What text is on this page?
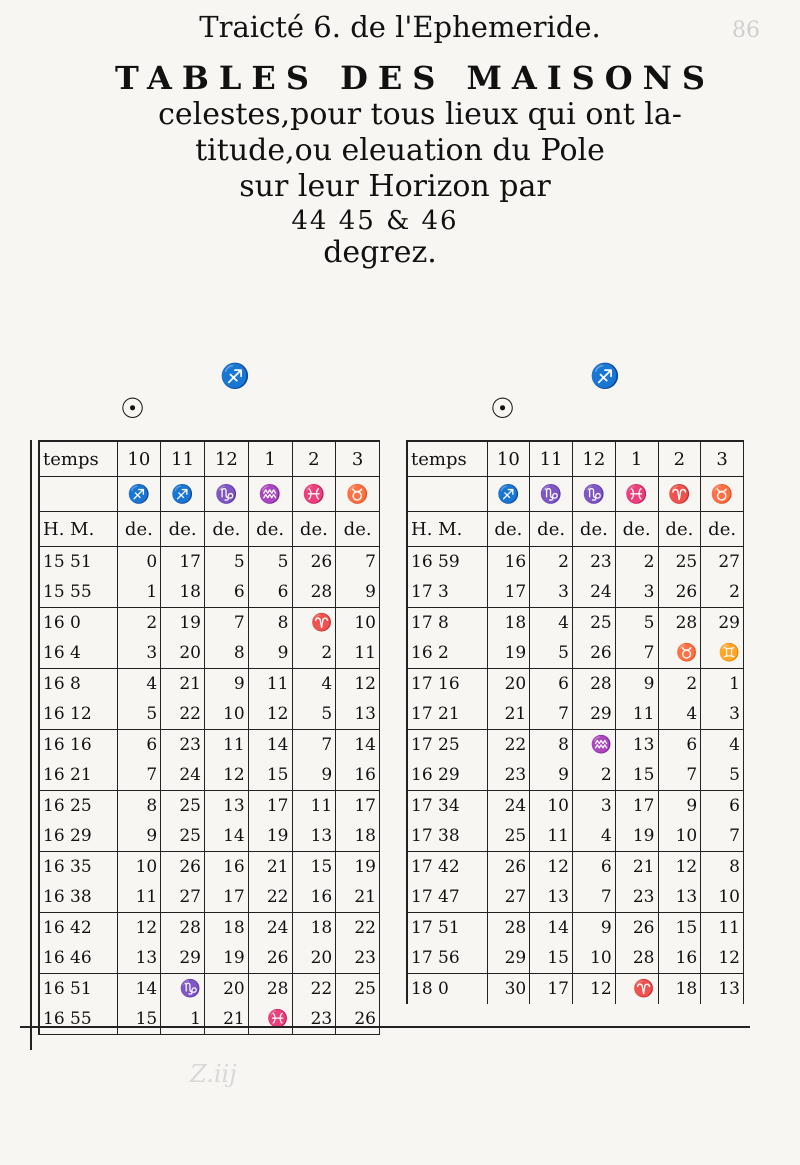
86
Traicté 6. de l'Ephemeride.
TABLES DES MAISONS
celestes,pour tous lieux qui ont la-
titude,ou eleuation du Pole
sur leur Horizon par
44 45 & 46
degrez.
♐
☉
♐
☉
temps	10	11	12	1	2	3
	♐	♐	♑	♒	♓	♉
H. M.	de.	de.	de.	de.	de.	de.
15 51	0	17	5	5	26	7
15 55	1	18	6	6	28	9
16 0	2	19	7	8	♈	10
16 4	3	20	8	9	2	11
16 8	4	21	9	11	4	12
16 12	5	22	10	12	5	13
16 16	6	23	11	14	7	14
16 21	7	24	12	15	9	16
16 25	8	25	13	17	11	17
16 29	9	25	14	19	13	18
16 35	10	26	16	21	15	19
16 38	11	27	17	22	16	21
16 42	12	28	18	24	18	22
16 46	13	29	19	26	20	23
16 51	14	♑	20	28	22	25
16 55	15	1	21	♓	23	26
temps	10	11	12	1	2	3
	♐	♑	♑	♓	♈	♉
H. M.	de.	de.	de.	de.	de.	de.
16 59	16	2	23	2	25	27
17 3	17	3	24	3	26	2
17 8	18	4	25	5	28	29
16 2	19	5	26	7	♉	♊
17 16	20	6	28	9	2	1
17 21	21	7	29	11	4	3
17 25	22	8	♒	13	6	4
16 29	23	9	2	15	7	5
17 34	24	10	3	17	9	6
17 38	25	11	4	19	10	7
17 42	26	12	6	21	12	8
17 47	27	13	7	23	13	10
17 51	28	14	9	26	15	11
17 56	29	15	10	28	16	12
18 0	30	17	12	♈	18	13
Z.iij
